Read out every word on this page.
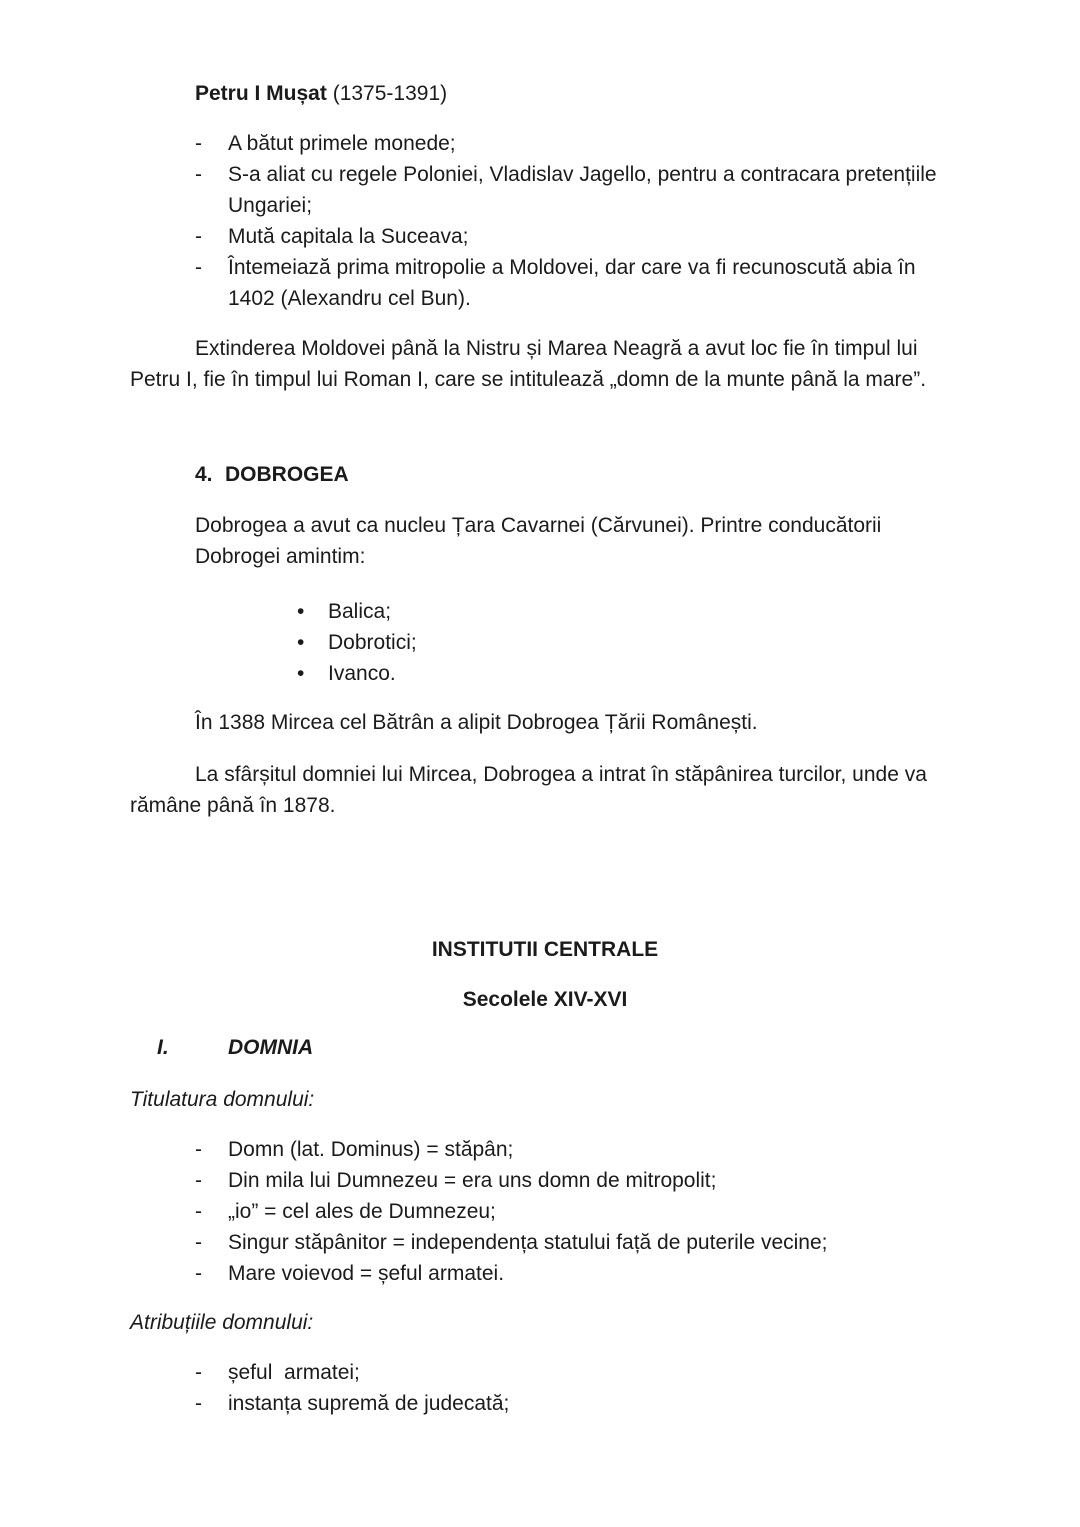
Petru I Mușat (1375-1391)

- A bătut primele monede;
- S-a aliat cu regele Poloniei, Vladislav Jagello, pentru a contracara pretențiile Ungariei;
- Mută capitala la Suceava;
- Întemeiază prima mitropolie a Moldovei, dar care va fi recunoscută abia în 1402 (Alexandru cel Bun).

Extinderea Moldovei până la Nistru și Marea Neagră a avut loc fie în timpul lui Petru I, fie în timpul lui Roman I, care se intitulează „domn de la munte până la mare”.

4. DOBROGEA

Dobrogea a avut ca nucleu Țara Cavarnei (Cărvunei). Printre conducătorii Dobrogei amintim:

• Balica;
• Dobrotici;
• Ivanco.

În 1388 Mircea cel Bătrân a alipit Dobrogea Țării Românești.

La sfârșitul domniei lui Mircea, Dobrogea a intrat în stăpânirea turcilor, unde va rămâne până în 1878.

INSTITUTII CENTRALE

Secolele XIV-XVI

I.	DOMNIA

Titulatura domnului:

- Domn (lat. Dominus) = stăpân;
- Din mila lui Dumnezeu = era uns domn de mitropolit;
- „io” = cel ales de Dumnezeu;
- Singur stăpânitor = independența statului față de puterile vecine;
- Mare voievod = șeful armatei.

Atribuțiile domnului:

- șeful  armatei;
- instanța supremă de judecată;
